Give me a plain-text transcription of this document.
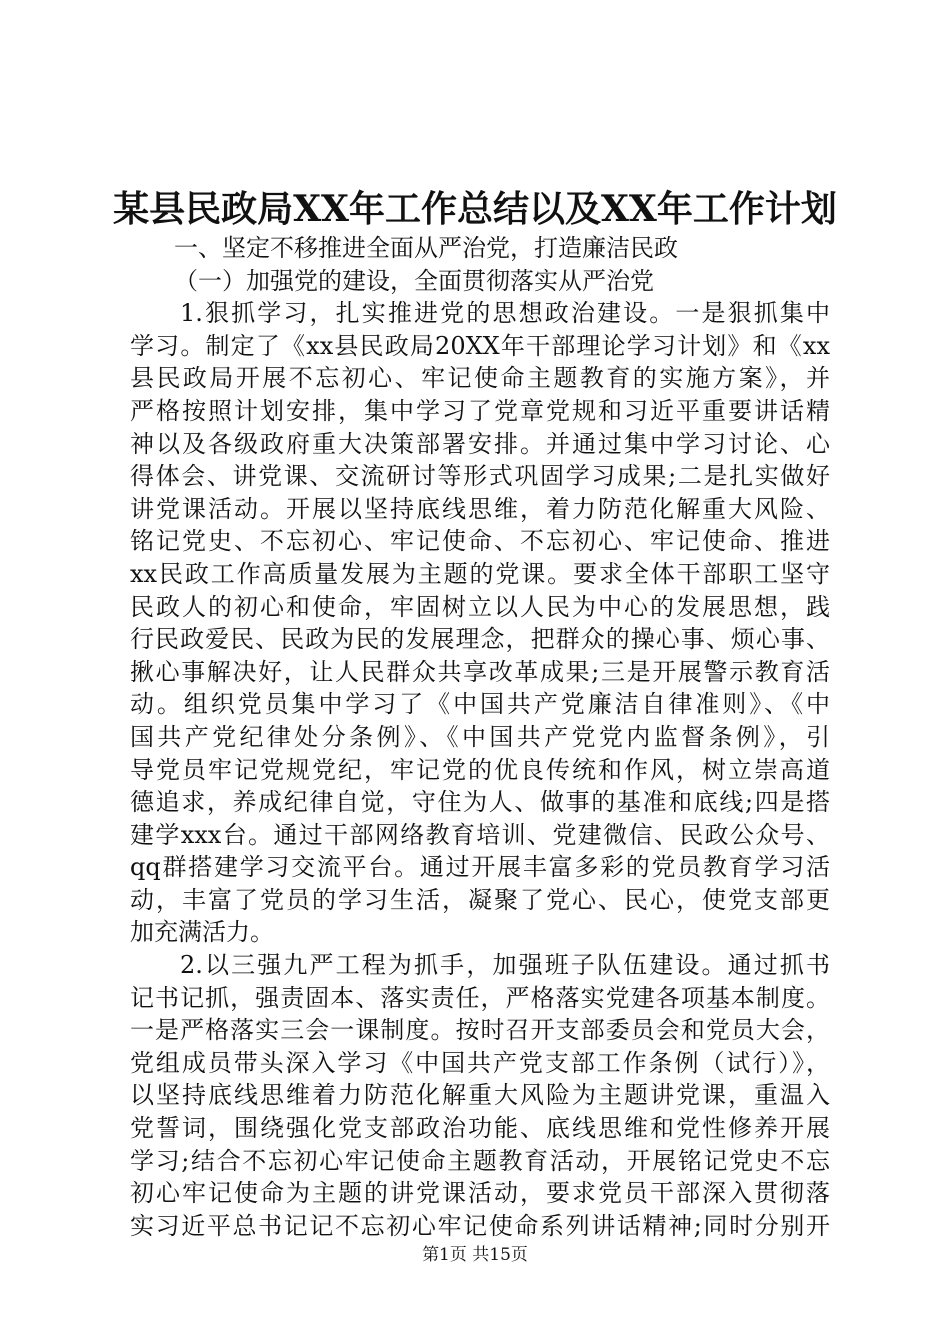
某县民政局XX年工作总结以及XX年工作计划
一、坚定不移推进全面从严治党，打造廉洁民政
（一）加强党的建设，全面贯彻落实从严治党
1.狠抓学习，扎实推进党的思想政治建设。一是狠抓集中
学习。制定了《xx县民政局20XX年干部理论学习计划》和《xx
县民政局开展不忘初心、牢记使命主题教育的实施方案》，并
严格按照计划安排，集中学习了党章党规和习近平重要讲话精
神以及各级政府重大决策部署安排。并通过集中学习讨论、心
得体会、讲党课、交流研讨等形式巩固学习成果;二是扎实做好
讲党课活动。开展以坚持底线思维，着力防范化解重大风险、
铭记党史、不忘初心、牢记使命、不忘初心、牢记使命、推进
xx民政工作高质量发展为主题的党课。要求全体干部职工坚守
民政人的初心和使命，牢固树立以人民为中心的发展思想，践
行民政爱民、民政为民的发展理念，把群众的操心事、烦心事、
揪心事解决好，让人民群众共享改革成果;三是开展警示教育活
动。组织党员集中学习了《中国共产党廉洁自律准则》、《中
国共产党纪律处分条例》、《中国共产党党内监督条例》，引
导党员牢记党规党纪，牢记党的优良传统和作风，树立崇高道
德追求，养成纪律自觉，守住为人、做事的基准和底线;四是搭
建学xxx台。通过干部网络教育培训、党建微信、民政公众号、
qq群搭建学习交流平台。通过开展丰富多彩的党员教育学习活
动，丰富了党员的学习生活，凝聚了党心、民心，使党支部更
加充满活力。
2.以三强九严工程为抓手，加强班子队伍建设。通过抓书
记书记抓，强责固本、落实责任，严格落实党建各项基本制度。
一是严格落实三会一课制度。按时召开支部委员会和党员大会，
党组成员带头深入学习《中国共产党支部工作条例（试行）》，
以坚持底线思维着力防范化解重大风险为主题讲党课，重温入
党誓词，围绕强化党支部政治功能、底线思维和党性修养开展
学习;结合不忘初心牢记使命主题教育活动，开展铭记党史不忘
初心牢记使命为主题的讲党课活动，要求党员干部深入贯彻落
实习近平总书记记不忘初心牢记使命系列讲话精神;同时分别开
第1页 共15页
